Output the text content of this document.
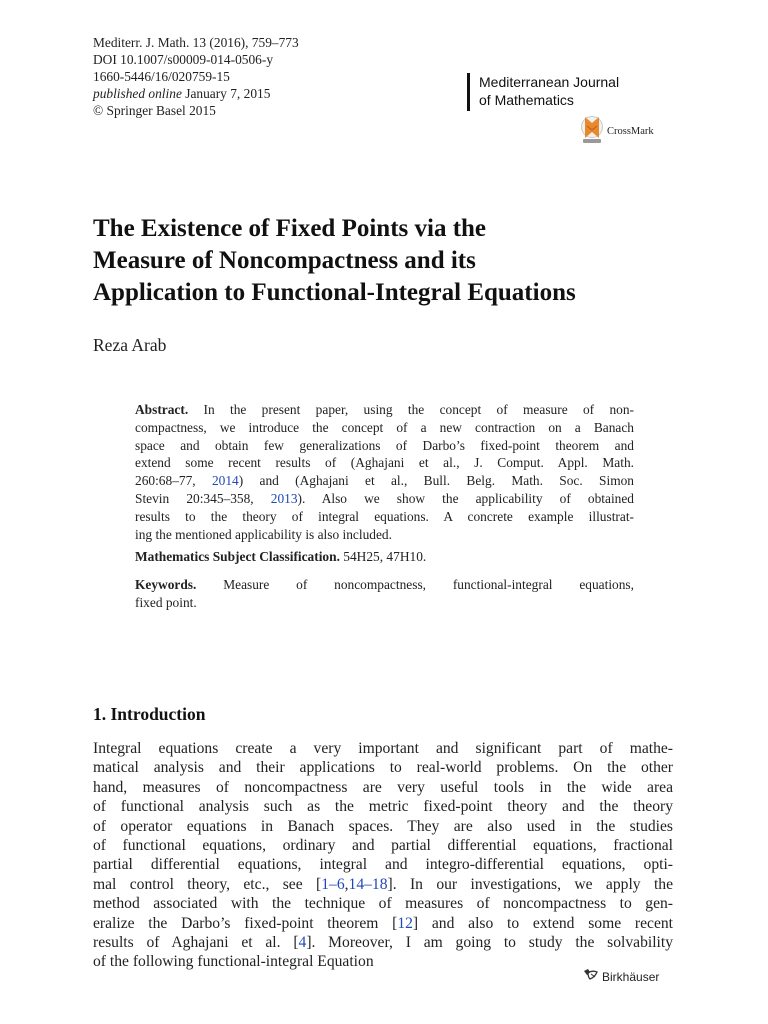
Mediterr. J. Math. 13 (2016), 759–773
DOI 10.1007/s00009-014-0506-y
1660-5446/16/020759-15
published online January 7, 2015
© Springer Basel 2015
Mediterranean Journal
of Mathematics
CrossMark
The Existence of Fixed Points via the
Measure of Noncompactness and its
Application to Functional-Integral Equations
Reza Arab
Abstract. In the present paper, using the concept of measure of non-
compactness, we introduce the concept of a new contraction on a Banach
space and obtain few generalizations of Darbo’s fixed-point theorem and
extend some recent results of (Aghajani et al., J. Comput. Appl. Math.
260:68–77, 2014) and (Aghajani et al., Bull. Belg. Math. Soc. Simon
Stevin 20:345–358, 2013). Also we show the applicability of obtained
results to the theory of integral equations. A concrete example illustrat-
ing the mentioned applicability is also included.
Mathematics Subject Classification. 54H25, 47H10.
Keywords. Measure of noncompactness, functional-integral equations,
fixed point.
1. Introduction
Integral equations create a very important and significant part of mathe-
matical analysis and their applications to real-world problems. On the other
hand, measures of noncompactness are very useful tools in the wide area
of functional analysis such as the metric fixed-point theory and the theory
of operator equations in Banach spaces. They are also used in the studies
of functional equations, ordinary and partial differential equations, fractional
partial differential equations, integral and integro-differential equations, opti-
mal control theory, etc., see [1–6,14–18]. In our investigations, we apply the
method associated with the technique of measures of noncompactness to gen-
eralize the Darbo’s fixed-point theorem [12] and also to extend some recent
results of Aghajani et al. [4]. Moreover, I am going to study the solvability
of the following functional-integral Equation
Birkhäuser
